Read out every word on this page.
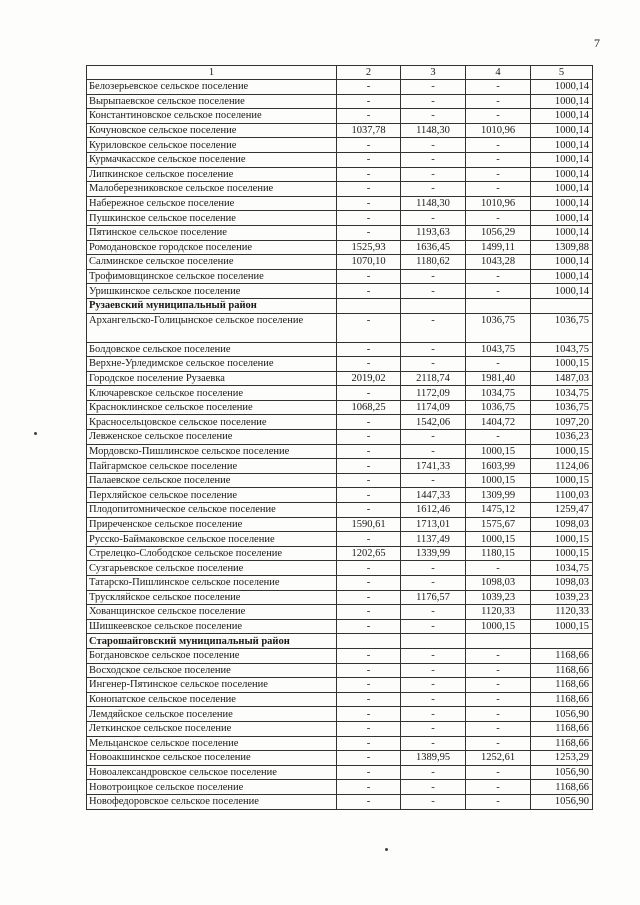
7
1	2	3	4	5
Белозерьевское сельское поселение	-	-	-	1000,14
Вырыпаевское сельское поселение	-	-	-	1000,14
Константиновское сельское поселение	-	-	-	1000,14
Кочуновское сельское поселение	1037,78	1148,30	1010,96	1000,14
Куриловское сельское поселение	-	-	-	1000,14
Курмачкасское сельское поселение	-	-	-	1000,14
Липкинское сельское поселение	-	-	-	1000,14
Малоберезниковское сельское поселение	-	-	-	1000,14
Набережное сельское поселение	-	1148,30	1010,96	1000,14
Пушкинское сельское поселение	-	-	-	1000,14
Пятинское сельское поселение	-	1193,63	1056,29	1000,14
Ромодановское городское поселение	1525,93	1636,45	1499,11	1309,88
Салминское сельское поселение	1070,10	1180,62	1043,28	1000,14
Трофимовщинское сельское поселение	-	-	-	1000,14
Уришкинское сельское поселение	-	-	-	1000,14
Рузаевский муниципальный район				
Архангельско-Голицынское сельское поселение	-	-	1036,75	1036,75
Болдовское сельское поселение	-	-	1043,75	1043,75
Верхне-Урледимское сельское поселение	-	-	-	1000,15
Городское поселение Рузаевка	2019,02	2118,74	1981,40	1487,03
Ключаревское сельское поселение	-	1172,09	1034,75	1034,75
Красноклинское сельское поселение	1068,25	1174,09	1036,75	1036,75
Красносельцовское сельское поселение	-	1542,06	1404,72	1097,20
Левженское сельское поселение	-	-	-	1036,23
Мордовско-Пишлинское сельское поселение	-	-	1000,15	1000,15
Пайгармское сельское поселение	-	1741,33	1603,99	1124,06
Палаевское сельское поселение	-	-	1000,15	1000,15
Перхляйское сельское поселение	-	1447,33	1309,99	1100,03
Плодопитомническое сельское поселение	-	1612,46	1475,12	1259,47
Приреченское сельское поселение	1590,61	1713,01	1575,67	1098,03
Русско-Баймаковское сельское поселение	-	1137,49	1000,15	1000,15
Стрелецко-Слободское сельское поселение	1202,65	1339,99	1180,15	1000,15
Сузгарьевское сельское поселение	-	-	-	1034,75
Татарско-Пишлинское сельское поселение	-	-	1098,03	1098,03
Трускляйское сельское поселение	-	1176,57	1039,23	1039,23
Хованщинское сельское поселение	-	-	1120,33	1120,33
Шишкеевское сельское поселение	-	-	1000,15	1000,15
Старошайговский муниципальный район				
Богдановское сельское поселение	-	-	-	1168,66
Восходское сельское поселение	-	-	-	1168,66
Ингенер-Пятинское сельское поселение	-	-	-	1168,66
Конопатское сельское поселение	-	-	-	1168,66
Лемдяйское сельское поселение	-	-	-	1056,90
Леткинское сельское поселение	-	-	-	1168,66
Мельцанское сельское поселение	-	-	-	1168,66
Новоакшинское сельское поселение	-	1389,95	1252,61	1253,29
Новоалександровское сельское поселение	-	-	-	1056,90
Новотроицкое сельское поселение	-	-	-	1168,66
Новофедоровское сельское поселение	-	-	-	1056,90
